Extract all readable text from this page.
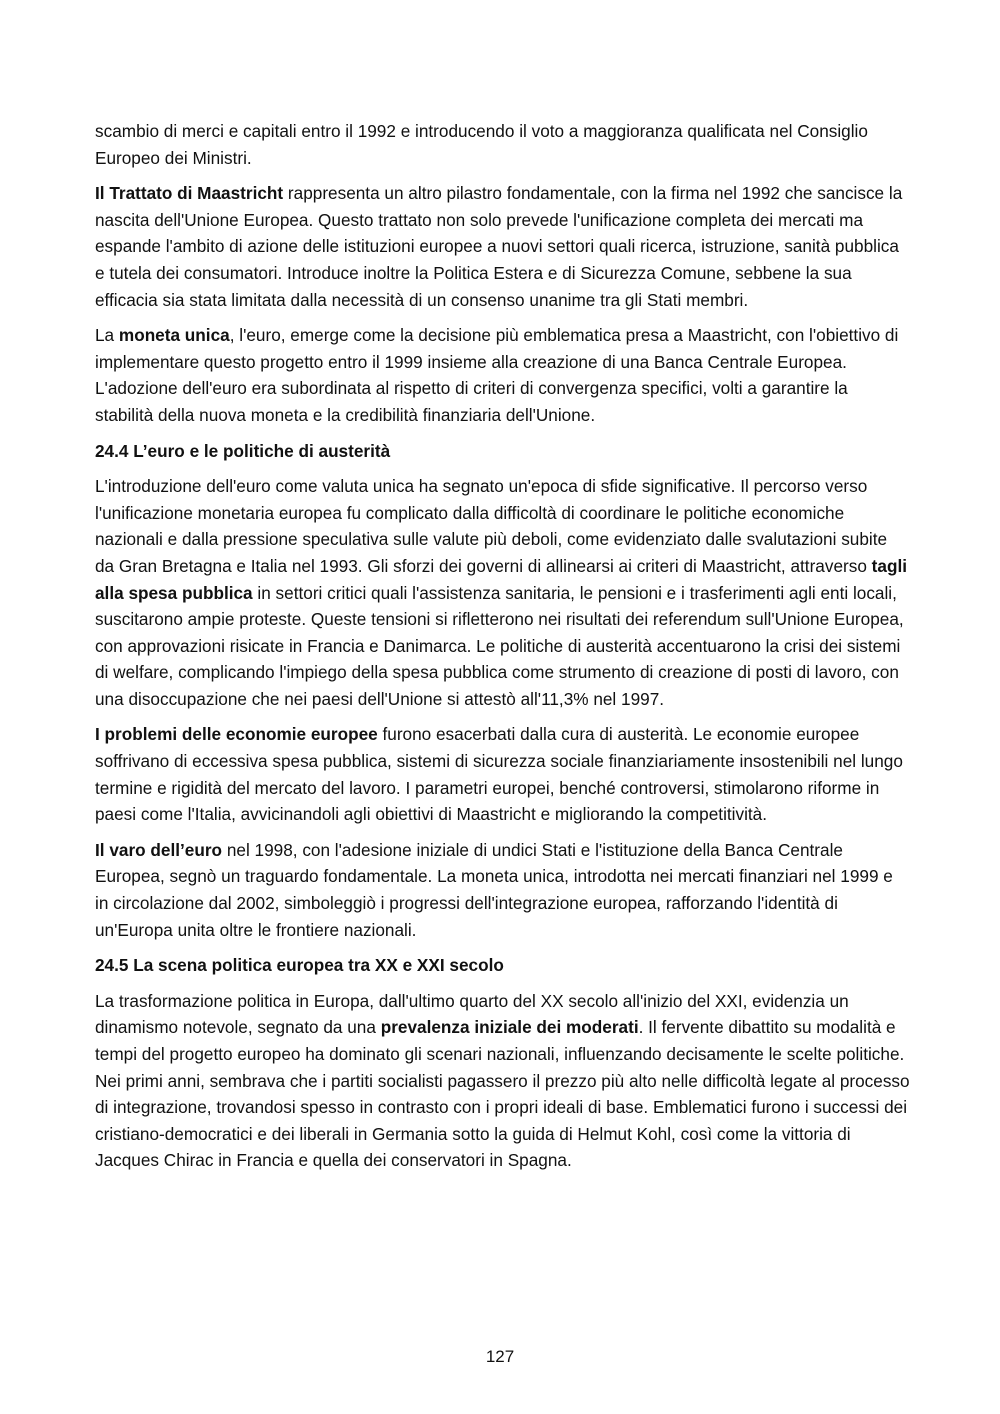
scambio di merci e capitali entro il 1992 e introducendo il voto a maggioranza qualificata nel Consiglio Europeo dei Ministri.

Il Trattato di Maastricht rappresenta un altro pilastro fondamentale, con la firma nel 1992 che sancisce la nascita dell'Unione Europea. Questo trattato non solo prevede l'unificazione completa dei mercati ma espande l'ambito di azione delle istituzioni europee a nuovi settori quali ricerca, istruzione, sanità pubblica e tutela dei consumatori. Introduce inoltre la Politica Estera e di Sicurezza Comune, sebbene la sua efficacia sia stata limitata dalla necessità di un consenso unanime tra gli Stati membri.

La moneta unica, l'euro, emerge come la decisione più emblematica presa a Maastricht, con l'obiettivo di implementare questo progetto entro il 1999 insieme alla creazione di una Banca Centrale Europea. L'adozione dell'euro era subordinata al rispetto di criteri di convergenza specifici, volti a garantire la stabilità della nuova moneta e la credibilità finanziaria dell'Unione.

24.4 L’euro e le politiche di austerità

L'introduzione dell'euro come valuta unica ha segnato un'epoca di sfide significative. Il percorso verso l'unificazione monetaria europea fu complicato dalla difficoltà di coordinare le politiche economiche nazionali e dalla pressione speculativa sulle valute più deboli, come evidenziato dalle svalutazioni subite da Gran Bretagna e Italia nel 1993. Gli sforzi dei governi di allinearsi ai criteri di Maastricht, attraverso tagli alla spesa pubblica in settori critici quali l'assistenza sanitaria, le pensioni e i trasferimenti agli enti locali, suscitarono ampie proteste. Queste tensioni si rifletterono nei risultati dei referendum sull'Unione Europea, con approvazioni risicate in Francia e Danimarca. Le politiche di austerità accentuarono la crisi dei sistemi di welfare, complicando l'impiego della spesa pubblica come strumento di creazione di posti di lavoro, con una disoccupazione che nei paesi dell'Unione si attestò all'11,3% nel 1997.

I problemi delle economie europee furono esacerbati dalla cura di austerità. Le economie europee soffrivano di eccessiva spesa pubblica, sistemi di sicurezza sociale finanziariamente insostenibili nel lungo termine e rigidità del mercato del lavoro. I parametri europei, benché controversi, stimolarono riforme in paesi come l'Italia, avvicinandoli agli obiettivi di Maastricht e migliorando la competitività.

Il varo dell’euro nel 1998, con l'adesione iniziale di undici Stati e l'istituzione della Banca Centrale Europea, segnò un traguardo fondamentale. La moneta unica, introdotta nei mercati finanziari nel 1999 e in circolazione dal 2002, simboleggiò i progressi dell'integrazione europea, rafforzando l'identità di un'Europa unita oltre le frontiere nazionali.

24.5 La scena politica europea tra XX e XXI secolo

La trasformazione politica in Europa, dall'ultimo quarto del XX secolo all'inizio del XXI, evidenzia un dinamismo notevole, segnato da una prevalenza iniziale dei moderati. Il fervente dibattito su modalità e tempi del progetto europeo ha dominato gli scenari nazionali, influenzando decisamente le scelte politiche. Nei primi anni, sembrava che i partiti socialisti pagassero il prezzo più alto nelle difficoltà legate al processo di integrazione, trovandosi spesso in contrasto con i propri ideali di base. Emblematici furono i successi dei cristiano-democratici e dei liberali in Germania sotto la guida di Helmut Kohl, così come la vittoria di Jacques Chirac in Francia e quella dei conservatori in Spagna.

127
